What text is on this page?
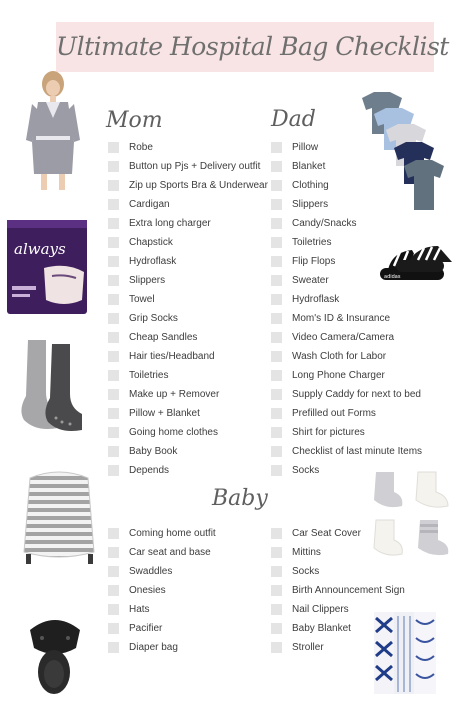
Ultimate Hospital Bag Checklist
Mom	Dad
Baby
Robe
Button up Pjs + Delivery outfit
Zip up Sports Bra & Underwear
Cardigan
Extra long charger
Chapstick
Hydroflask
Slippers
Towel
Grip Socks
Cheap Sandles
Hair ties/Headband
Toiletries
Make up + Remover
Pillow + Blanket
Going home clothes
Baby Book
Depends
Pillow
Blanket
Clothing
Slippers
Candy/Snacks
Toiletries
Flip Flops
Sweater
Hydroflask
Mom's ID & Insurance
Video Camera/Camera
Wash Cloth for Labor
Long Phone Charger
Supply Caddy for next to bed
Prefilled out Forms
Shirt for pictures
Checklist of last minute Items
Socks
Coming home outfit
Car seat and base
Swaddles
Onesies
Hats
Pacifier
Diaper bag
Car Seat Cover
Mittins
Socks
Birth Announcement Sign
Nail Clippers
Baby Blanket
Stroller
always
adidas
